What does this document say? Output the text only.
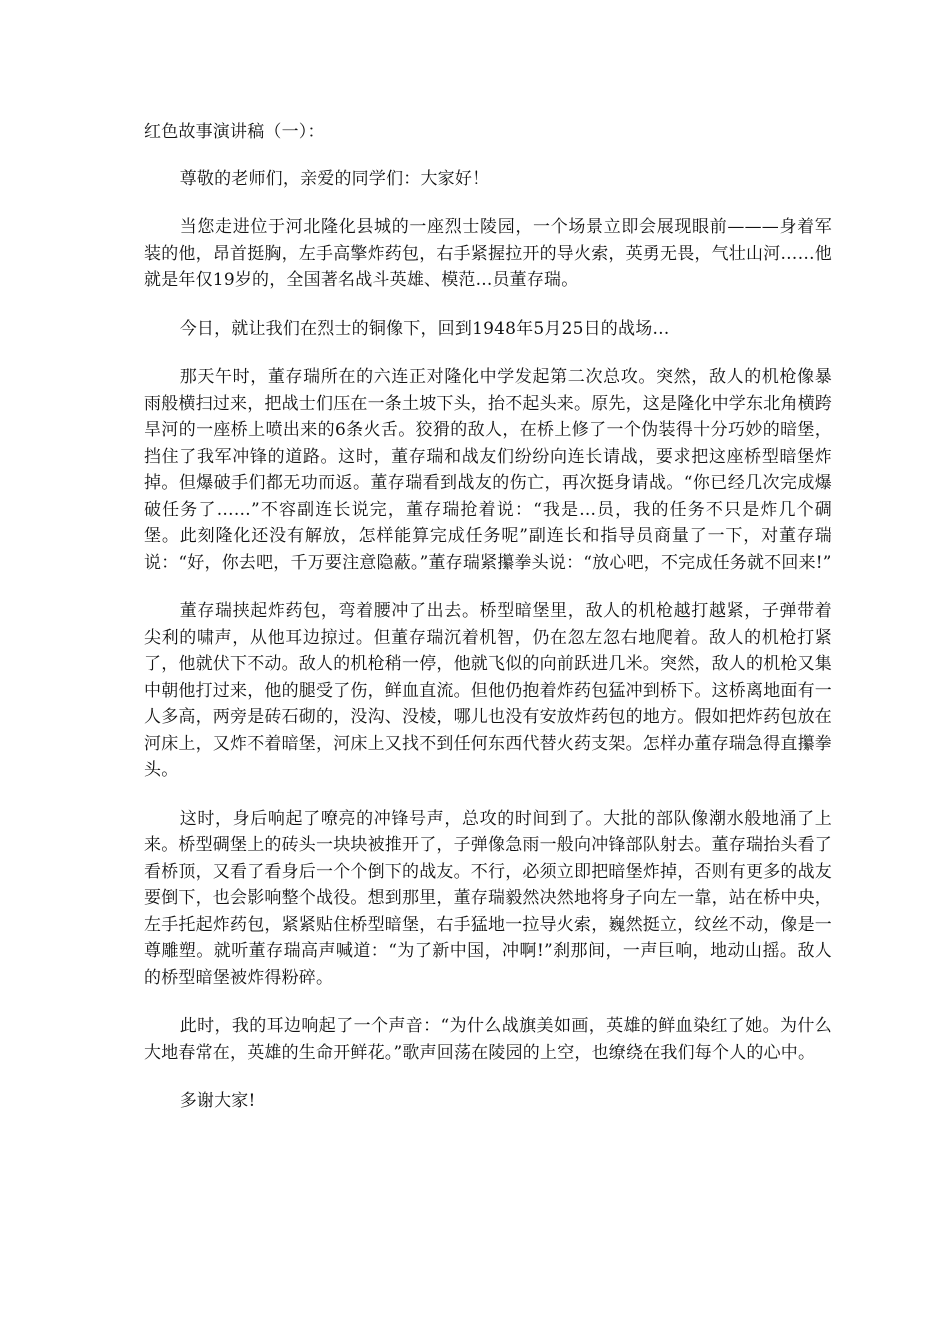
红色故事演讲稿（一）：

尊敬的老师们，亲爱的同学们：大家好！

当您走进位于河北隆化县城的一座烈士陵园，一个场景立即会展现眼前———身着军装的他，昂首挺胸，左手高擎炸药包，右手紧握拉开的导火索，英勇无畏，气壮山河……他就是年仅19岁的，全国著名战斗英雄、模范...员董存瑞。

今日，就让我们在烈士的铜像下，回到1948年5月25日的战场…

那天午时，董存瑞所在的六连正对隆化中学发起第二次总攻。突然，敌人的机枪像暴雨般横扫过来，把战士们压在一条土坡下头，抬不起头来。原先，这是隆化中学东北角横跨旱河的一座桥上喷出来的6条火舌。狡猾的敌人，在桥上修了一个伪装得十分巧妙的暗堡，挡住了我军冲锋的道路。这时，董存瑞和战友们纷纷向连长请战，要求把这座桥型暗堡炸掉。但爆破手们都无功而返。董存瑞看到战友的伤亡，再次挺身请战。“你已经几次完成爆破任务了……”不容副连长说完，董存瑞抢着说：“我是...员，我的任务不只是炸几个碉堡。此刻隆化还没有解放，怎样能算完成任务呢”副连长和指导员商量了一下，对董存瑞说：“好，你去吧，千万要注意隐蔽。”董存瑞紧攥拳头说：“放心吧，不完成任务就不回来!”

董存瑞挟起炸药包，弯着腰冲了出去。桥型暗堡里，敌人的机枪越打越紧，子弹带着尖利的啸声，从他耳边掠过。但董存瑞沉着机智，仍在忽左忽右地爬着。敌人的机枪打紧了，他就伏下不动。敌人的机枪稍一停，他就飞似的向前跃进几米。突然，敌人的机枪又集中朝他打过来，他的腿受了伤，鲜血直流。但他仍抱着炸药包猛冲到桥下。这桥离地面有一人多高，两旁是砖石砌的，没沟、没棱，哪儿也没有安放炸药包的地方。假如把炸药包放在河床上，又炸不着暗堡，河床上又找不到任何东西代替火药支架。怎样办董存瑞急得直攥拳头。

这时，身后响起了嘹亮的冲锋号声，总攻的时间到了。大批的部队像潮水般地涌了上来。桥型碉堡上的砖头一块块被推开了，子弹像急雨一般向冲锋部队射去。董存瑞抬头看了看桥顶，又看了看身后一个个倒下的战友。不行，必须立即把暗堡炸掉，否则有更多的战友要倒下，也会影响整个战役。想到那里，董存瑞毅然决然地将身子向左一靠，站在桥中央，左手托起炸药包，紧紧贴住桥型暗堡，右手猛地一拉导火索，巍然挺立，纹丝不动，像是一尊雕塑。就听董存瑞高声喊道：“为了新中国，冲啊!”刹那间，一声巨响，地动山摇。敌人的桥型暗堡被炸得粉碎。

此时，我的耳边响起了一个声音：“为什么战旗美如画，英雄的鲜血染红了她。为什么大地春常在，英雄的生命开鲜花。”歌声回荡在陵园的上空，也缭绕在我们每个人的心中。

多谢大家!
